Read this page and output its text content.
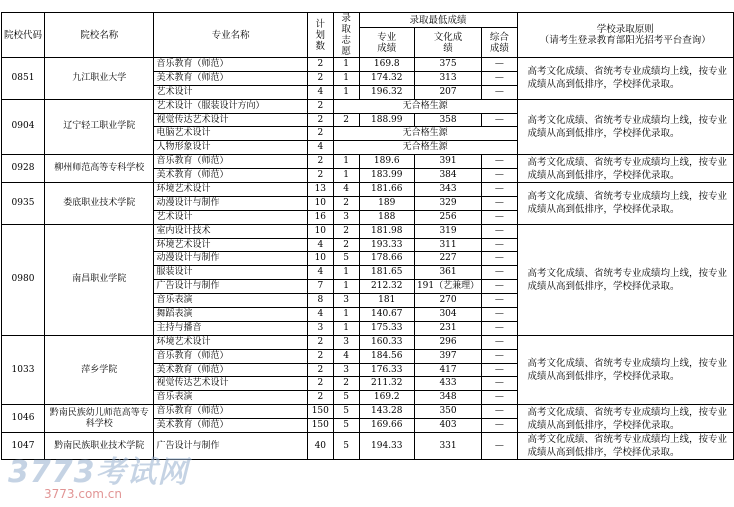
院校代码	院校名称	专业名称	计划数	录取志愿	录取最低成绩			学校录取原则
（请考生登录教育部阳光招考平台查询）

					专业成绩	文化成绩	综合成绩	
0851	九江职业大学	音乐教育（师范）	2	1	169.8	375	—	高考文化成绩、省统考专业成绩均上线，按专业成绩从高到低排序，学校择优录取。
		美术教育（师范）	2	1	174.32	313	—	
		艺术设计	4	1	196.32	207	—	
0904	辽宁轻工职业学院	艺术设计（服装设计方向）	2	无合格生源				高考文化成绩、省统考专业成绩均上线，按专业成绩从高到低排序，学校择优录取。
		视觉传达艺术设计	2	2	188.99	358	—	
		电脑艺术设计	2	无合格生源				
		人物形象设计	4	无合格生源				
0928	柳州师范高等专科学校	音乐教育（师范）	2	1	189.6	391	—	高考文化成绩、省统考专业成绩均上线，按专业成绩从高到低排序，学校择优录取。
		美术教育（师范）	2	1	183.99	384	—	
0935	娄底职业技术学院	环境艺术设计	13	4	181.66	343	—	高考文化成绩、省统考专业成绩均上线，按专业成绩从高到低排序，学校择优录取。
		动漫设计与制作	10	2	189	329	—	
		艺术设计	16	3	188	256	—	
0980	南昌职业学院	室内设计技术	10	2	181.98	319	—	高考文化成绩、省统考专业成绩均上线，按专业成绩从高到低排序，学校择优录取。
		环境艺术设计	4	2	193.33	311	—	
		动漫设计与制作	10	5	178.66	227	—	
		服装设计	4	1	181.65	361	—	
		广告设计与制作	7	1	212.32	191（艺兼理）	—	
		音乐表演	8	3	181	270	—	
		舞蹈表演	4	1	140.67	304	—	
		主持与播音	3	1	175.33	231	—	
1033	萍乡学院	环境艺术设计	2	3	160.33	296	—	高考文化成绩、省统考专业成绩均上线，按专业成绩从高到低排序，学校择优录取。
		音乐教育（师范）	2	4	184.56	397	—	
		美术教育（师范）	2	3	176.33	417	—	
		视觉传达艺术设计	2	2	211.32	433	—	
		音乐表演	2	5	169.2	348	—	
1046	黔南民族幼儿师范高等专科学校	音乐教育（师范）	150	5	143.28	350	—	高考文化成绩、省统考专业成绩均上线，按专业成绩从高到低排序，学校择优录取。
		美术教育（师范）	150	5	169.66	403	—	
1047	黔南民族职业技术学院	广告设计与制作	40	5	194.33	331	—	高考文化成绩、省统考专业成绩均上线，按专业成绩从高到低排序，学校择优录取。
3773考试网
3773.com.cn
